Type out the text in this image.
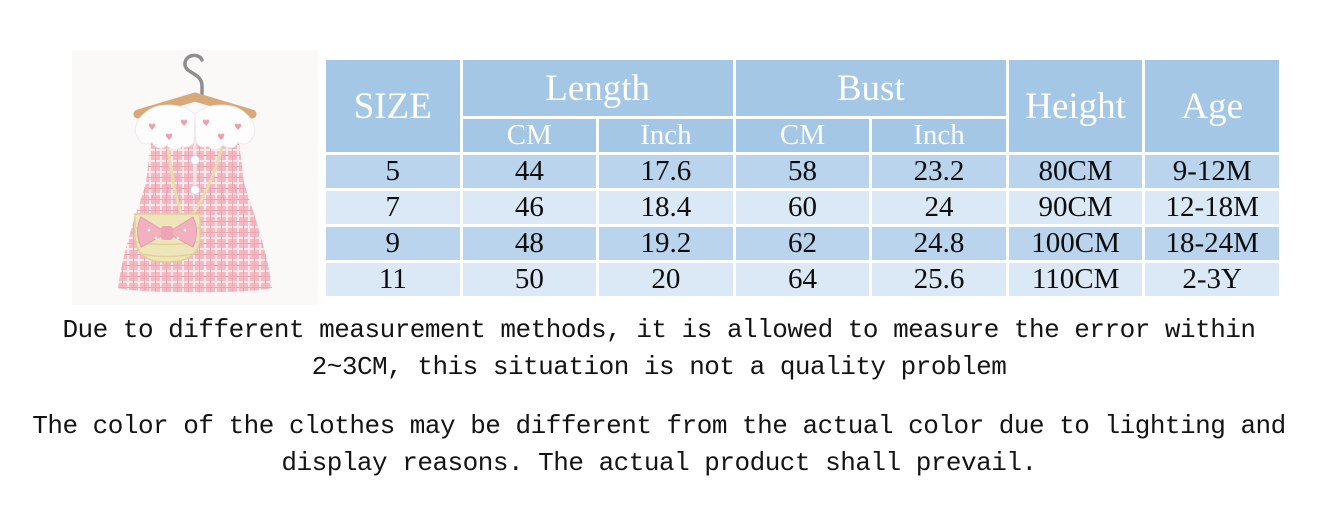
♥
♥
♥ ♥
♥
♥
SIZE	Length		Bust		Height	Age
	CM	Inch	CM	Inch		
5	44	17.6	58	23.2	80CM	9-12M
7	46	18.4	60	24	90CM	12-18M
9	48	19.2	62	24.8	100CM	18-24M
11	50	20	64	25.6	110CM	2-3Y
Due to different measurement methods, it is allowed to measure the error within
2~3CM, this situation is not a quality problem
The color of the clothes may be different from the actual color due to lighting and
display reasons. The actual product shall prevail.
